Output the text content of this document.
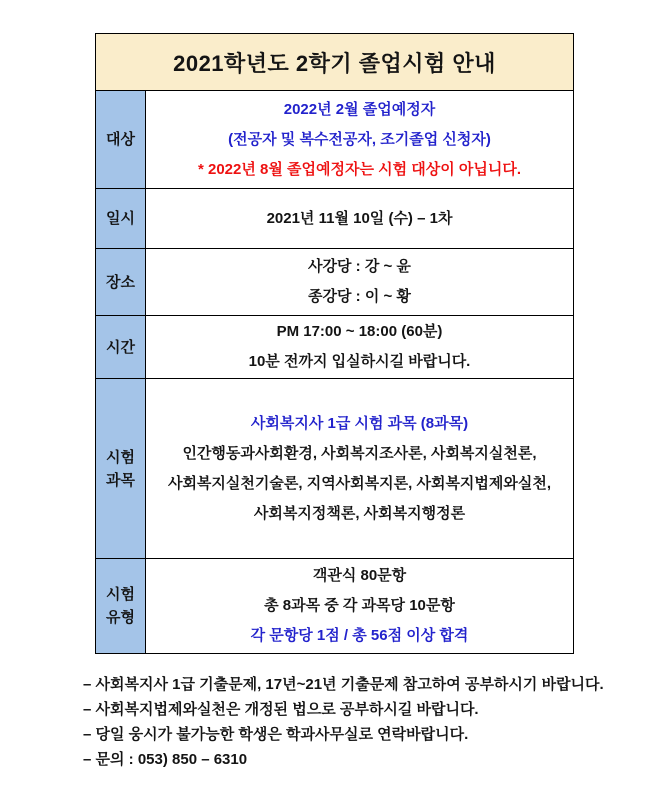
2021학년도 2학기 졸업시험 안내
대상
2022년 2월 졸업예정자
(전공자 및 복수전공자, 조기졸업 신청자)
* 2022년 8월 졸업예정자는 시험 대상이 아닙니다.
일시	2021년 11월 10일 (수) – 1차
장소
사강당 : 강 ~ 윤
종강당 : 이 ~ 황
시간
PM 17:00 ~ 18:00 (60분)
10분 전까지 입실하시길 바랍니다.
시험 과목
사회복지사 1급 시험 과목 (8과목)
인간행동과사회환경, 사회복지조사론, 사회복지실천론,
사회복지실천기술론, 지역사회복지론, 사회복지법제와실천,
사회복지정책론, 사회복지행정론
시험 유형
객관식 80문항
총 8과목 중 각 과목당 10문항
각 문항당 1점 / 총 56점 이상 합격
– 사회복지사 1급 기출문제, 17년~21년 기출문제 참고하여 공부하시기 바랍니다.
– 사회복지법제와실천은 개정된 법으로 공부하시길 바랍니다.
– 당일 웅시가 불가능한 학생은 학과사무실로 연락바랍니다.
– 문의 : 053) 850 – 6310
